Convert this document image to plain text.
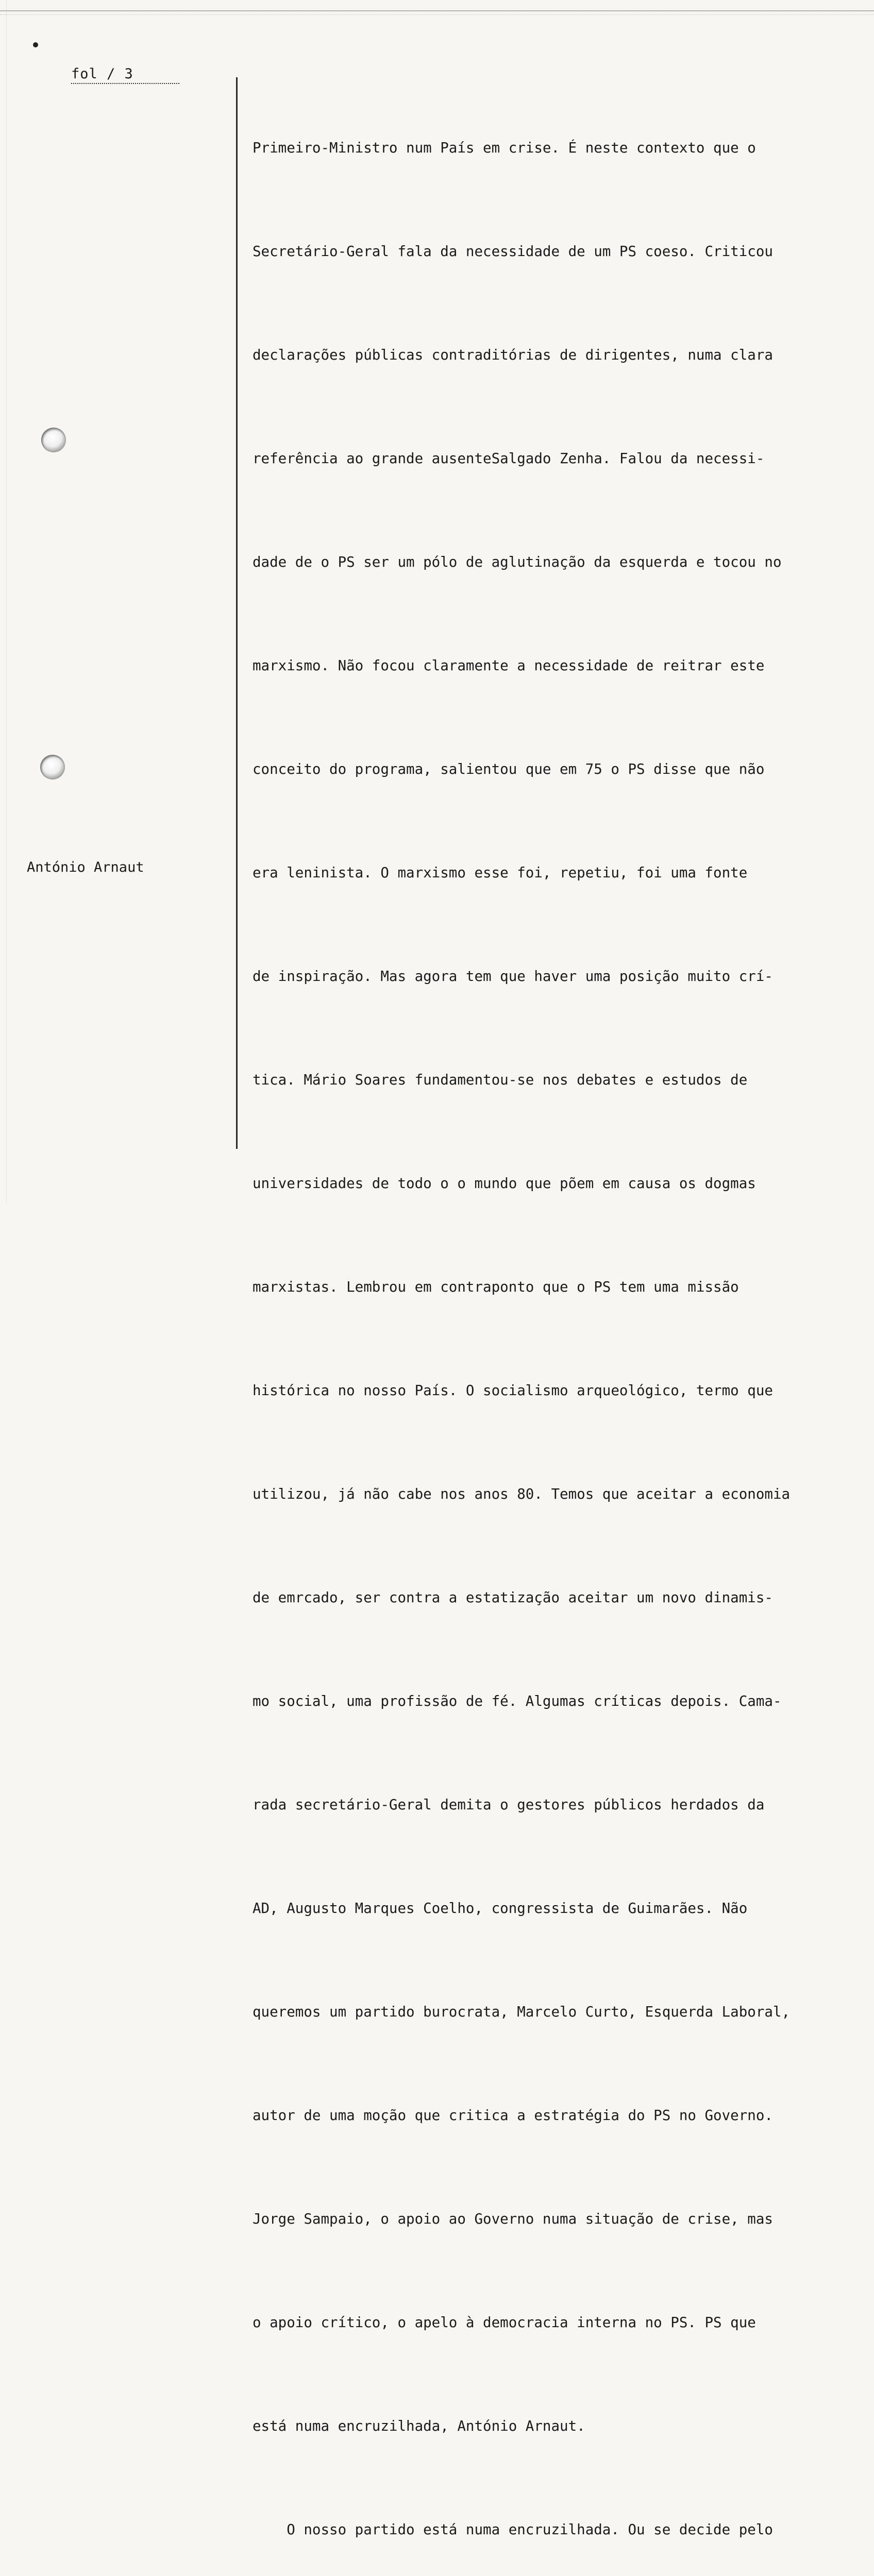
fol / 3
António Arnaut

Primeiro-Ministro num País em crise. É neste contexto que o

Secretário-Geral fala da necessidade de um PS coeso. Criticou

declarações públicas contraditórias de dirigentes, numa clara

referência ao grande ausenteSalgado Zenha. Falou da necessi-

dade de o PS ser um pólo de aglutinação da esquerda e tocou no

marxismo. Não focou claramente a necessidade de reitrar este

conceito do programa, salientou que em 75 o PS disse que não

era leninista. O marxismo esse foi, repetiu, foi uma fonte

de inspiração. Mas agora tem que haver uma posição muito crí-

tica. Mário Soares fundamentou-se nos debates e estudos de

universidades de todo o o mundo que põem em causa os dogmas

marxistas. Lembrou em contraponto que o PS tem uma missão

histórica no nosso País. O socialismo arqueológico, termo que

utilizou, já não cabe nos anos 80. Temos que aceitar a economia

de emrcado, ser contra a estatização aceitar um novo dinamis-

mo social, uma profissão de fé. Algumas críticas depois. Cama-

rada secretário-Geral demita o gestores públicos herdados da

AD, Augusto Marques Coelho, congressista de Guimarães. Não

queremos um partido burocrata, Marcelo Curto, Esquerda Laboral,

autor de uma moção que critica a estratégia do PS no Governo.

Jorge Sampaio, o apoio ao Governo numa situação de crise, mas

o apoio crítico, o apelo à democracia interna no PS. PS que

está numa encruzilhada, António Arnaut.

O nosso partido está numa encruzilhada. Ou se decide pelo
